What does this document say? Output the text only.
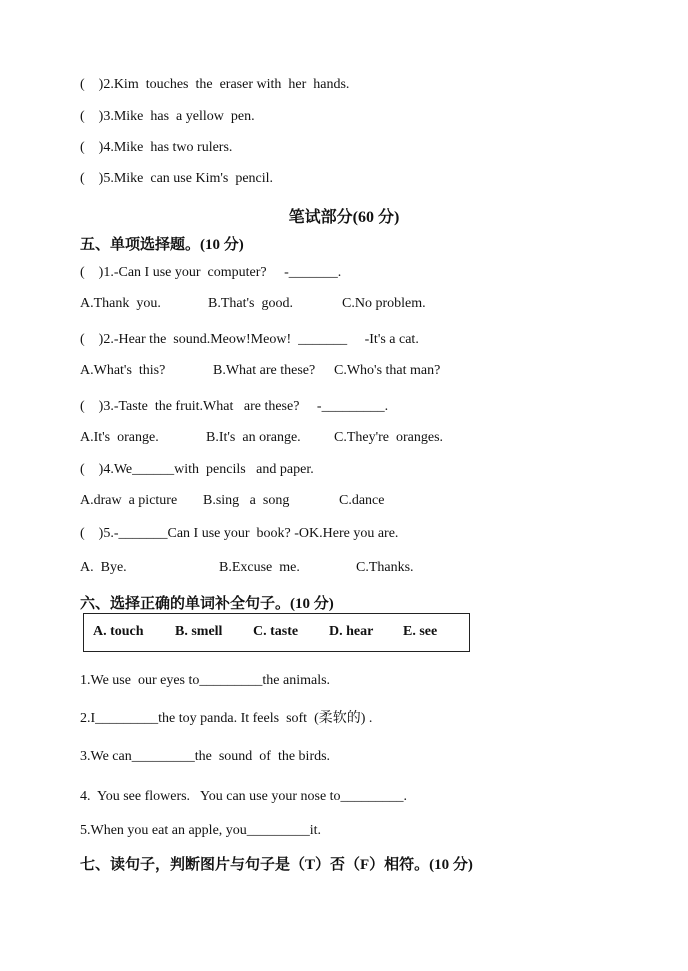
(    )2.Kim  touches  the  eraser with  her  hands.
(    )3.Mike  has  a yellow  pen.
(    )4.Mike  has two rulers.
(    )5.Mike  can use Kim's  pencil.
笔试部分(60 分)
五、单项选择题。(10 分)
(    )1.-Can I use your  computer?     -_______.
A.Thank  you.	B.That's  good.	C.No problem.
(    )2.-Hear the  sound.Meow!Meow!  _______     -It's a cat.
A.What's  this?	B.What are these? C.Who's that man?
(    )3.-Taste  the fruit.What   are these?     -_________.
A.It's  orange.	B.It's  an orange. C.They're  oranges.
(    )4.We______with  pencils   and paper.
A.draw  a picture B.sing   a  song	C.dance
(    )5.-_______Can I use your  book? -OK.Here you are.
A.  Bye.	B.Excuse  me.	C.Thanks.
六、选择正确的单词补全句子。(10 分)
A. touch B. smell C. taste D. hear E. see
1.We use  our eyes to_________the animals.
2.I_________the toy panda. It feels  soft  (柔软的) .
3.We can_________the  sound  of  the birds.
4.  You see flowers.   You can use your nose to_________.
5.When you eat an apple, you_________it.
七、读句子，判断图片与句子是（T）否（F）相符。(10 分)
